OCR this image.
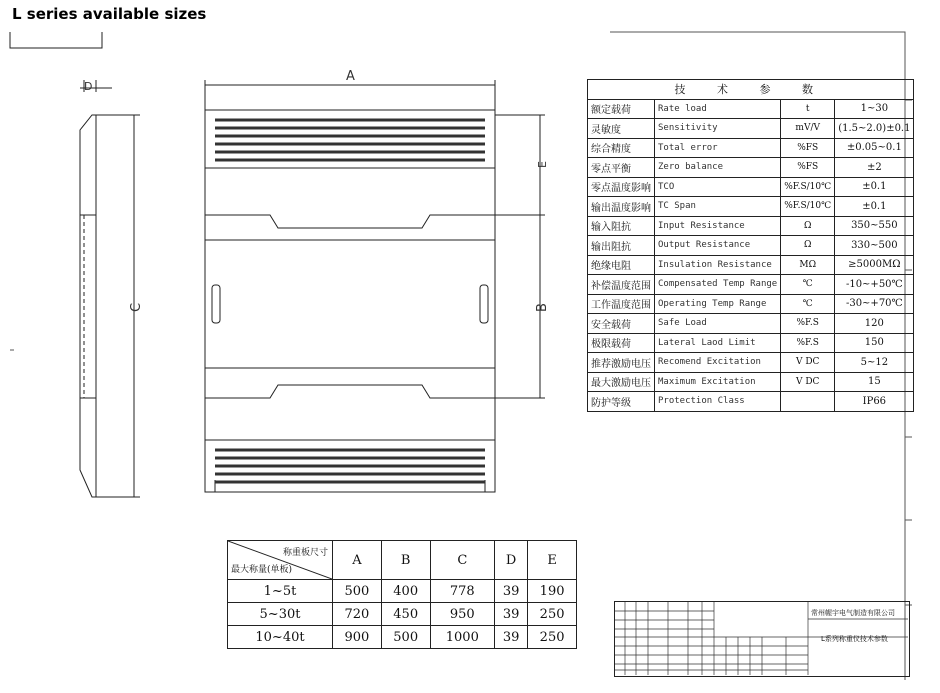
L series available sizes
A
D
C
E
B
技 术 参 数			
额定载荷	Rate load	t	1~30
灵敏度	Sensitivity	mV/V	(1.5~2.0)±0.1
综合精度	Total error	%FS	±0.05~0.1
零点平衡	Zero balance	%FS	±2
零点温度影响	TCO	%F.S/10℃	±0.1
输出温度影响	TC Span	%F.S/10℃	±0.1
输入阻抗	Input Resistance	Ω	350~550
输出阻抗	Output Resistance	Ω	330~500
绝缘电阻	Insulation Resistance	MΩ	≥5000MΩ
补偿温度范围	Compensated Temp Range	℃	-10~+50℃
工作温度范围	Operating Temp Range	℃	-30~+70℃
安全载荷	Safe Load	%F.S	120
极限载荷	Lateral Laod Limit	%F.S	150
推荐激励电压	Recomend Excitation	V DC	5~12
最大激励电压	Maximum Excitation	V DC	15
防护等级	Protection Class		IP66
称重板尺寸
最大称量(单板)	A	B	C	D	E
1~5t	500	400	778	39	190
5~30t	720	450	950	39	250
10~40t	900	500	1000	39	250
常州幄宇电气制造有限公司
L系列称重仪技术参数
